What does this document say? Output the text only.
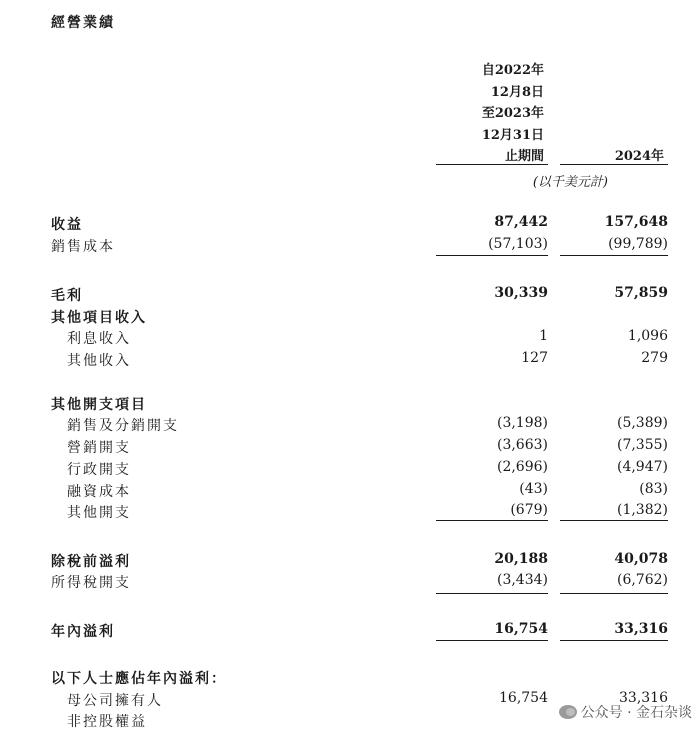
經營業績
自2022年
12月8日
至2023年
12月31日
止期間	2024年
(以千美元計)
收益	87,442	157,648
銷售成本	(57,103)	(99,789)
毛利	30,339	57,859
其他項目收入
利息收入	1	1,096
其他收入	127	279
其他開支項目
銷售及分銷開支	(3,198)	(5,389)
營銷開支	(3,663)	(7,355)
行政開支	(2,696)	(4,947)
融資成本	(43)	(83)
其他開支	(679)	(1,382)
除稅前溢利	20,188	40,078
所得稅開支	(3,434)	(6,762)
年內溢利	16,754	33,316
以下人士應佔年內溢利：
母公司擁有人	16,754	33,316
非控股權益
公众号 · 金石杂谈
